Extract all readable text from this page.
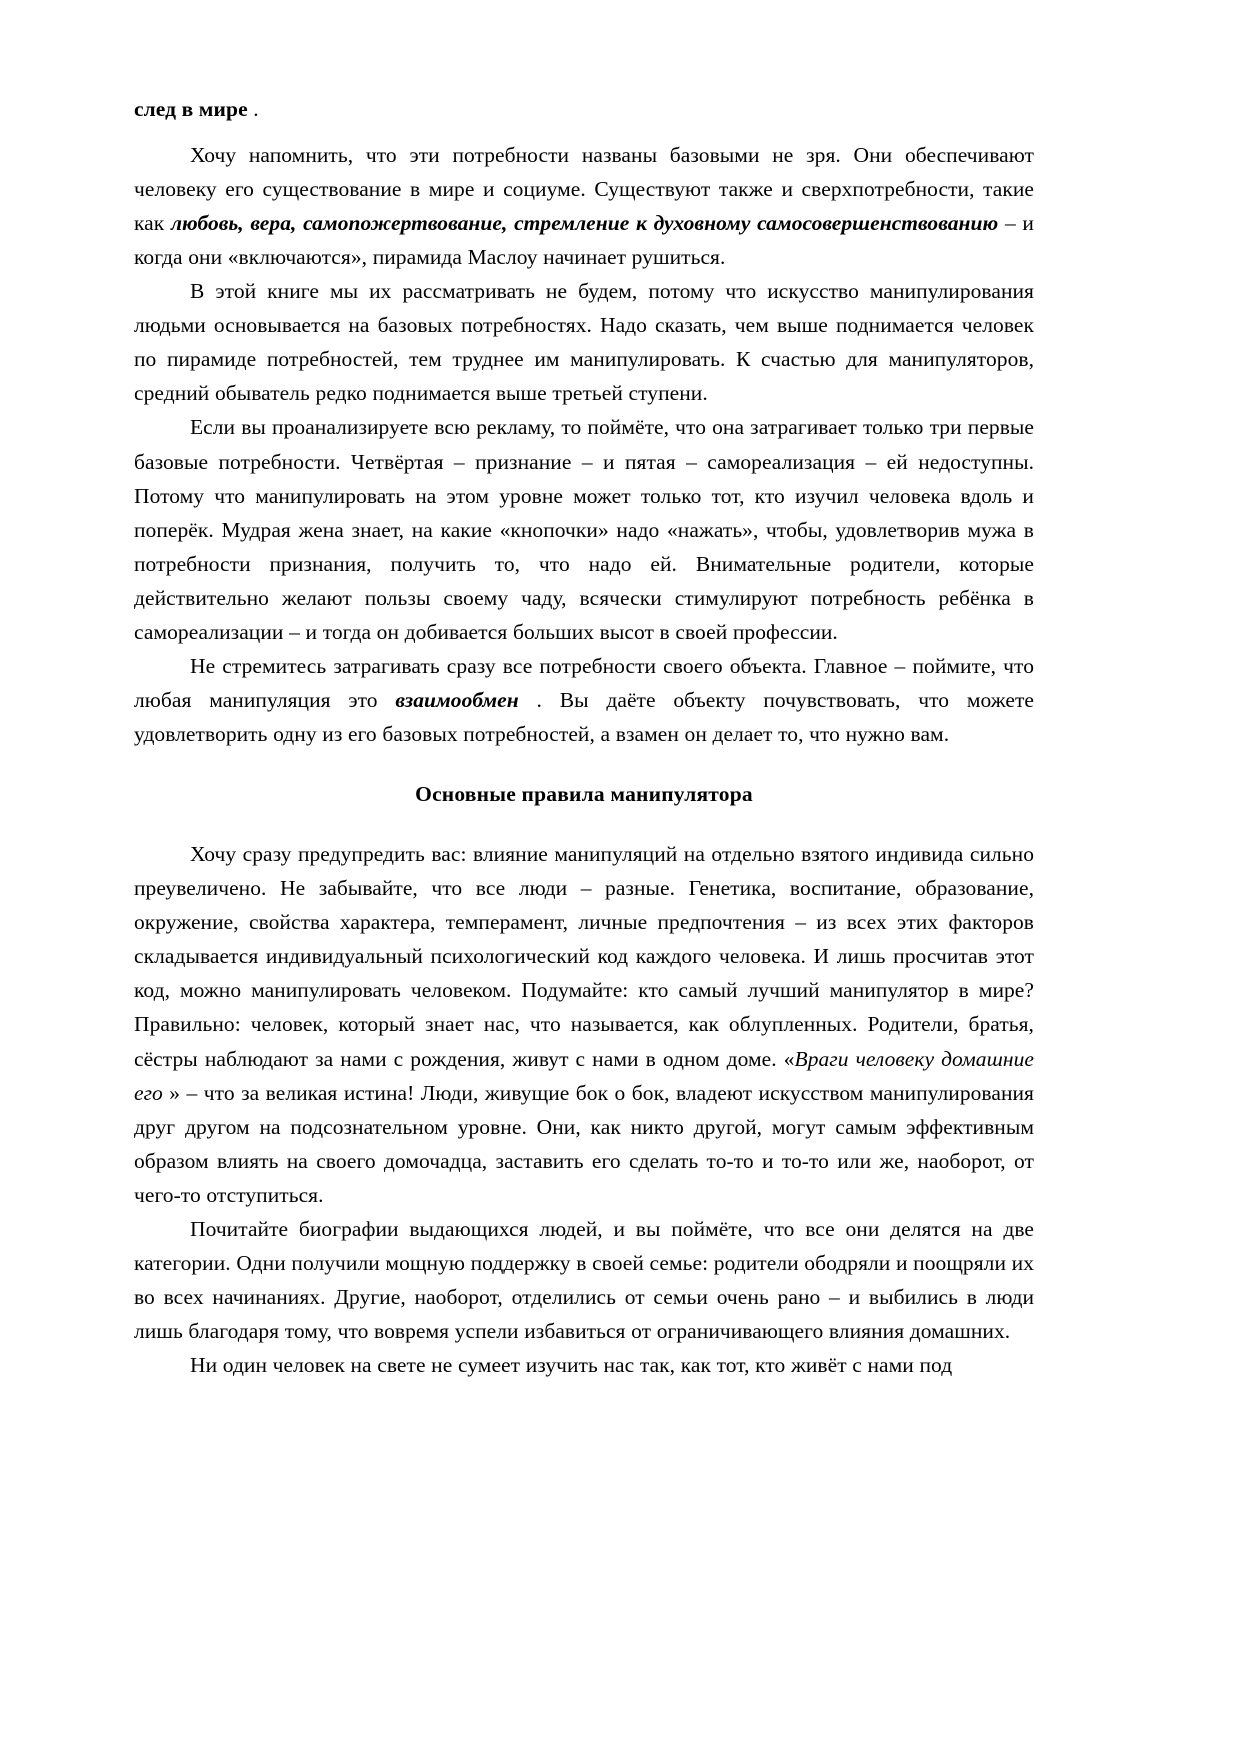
след в мире .

Хочу напомнить, что эти потребности названы базовыми не зря. Они обеспечивают человеку его существование в мире и социуме. Существуют также и сверхпотребности, такие как любовь, вера, самопожертвование, стремление к духовному самосовершенствованию – и когда они «включаются», пирамида Маслоу начинает рушиться.

В этой книге мы их рассматривать не будем, потому что искусство манипулирования людьми основывается на базовых потребностях. Надо сказать, чем выше поднимается человек по пирамиде потребностей, тем труднее им манипулировать. К счастью для манипуляторов, средний обыватель редко поднимается выше третьей ступени.

Если вы проанализируете всю рекламу, то поймёте, что она затрагивает только три первые базовые потребности. Четвёртая – признание – и пятая – самореализация – ей недоступны. Потому что манипулировать на этом уровне может только тот, кто изучил человека вдоль и поперёк. Мудрая жена знает, на какие «кнопочки» надо «нажать», чтобы, удовлетворив мужа в потребности признания, получить то, что надо ей. Внимательные родители, которые действительно желают пользы своему чаду, всячески стимулируют потребность ребёнка в самореализации – и тогда он добивается больших высот в своей профессии.

Не стремитесь затрагивать сразу все потребности своего объекта. Главное – поймите, что любая манипуляция это взаимообмен . Вы даёте объекту почувствовать, что можете удовлетворить одну из его базовых потребностей, а взамен он делает то, что нужно вам.

Основные правила манипулятора

Хочу сразу предупредить вас: влияние манипуляций на отдельно взятого индивида сильно преувеличено. Не забывайте, что все люди – разные. Генетика, воспитание, образование, окружение, свойства характера, темперамент, личные предпочтения – из всех этих факторов складывается индивидуальный психологический код каждого человека. И лишь просчитав этот код, можно манипулировать человеком. Подумайте: кто самый лучший манипулятор в мире? Правильно: человек, который знает нас, что называется, как облупленных. Родители, братья, сёстры наблюдают за нами с рождения, живут с нами в одном доме. «Враги человеку домашние его » – что за великая истина! Люди, живущие бок о бок, владеют искусством манипулирования друг другом на подсознательном уровне. Они, как никто другой, могут самым эффективным образом влиять на своего домочадца, заставить его сделать то-то и то-то или же, наоборот, от чего-то отступиться.

Почитайте биографии выдающихся людей, и вы поймёте, что все они делятся на две категории. Одни получили мощную поддержку в своей семье: родители ободряли и поощряли их во всех начинаниях. Другие, наоборот, отделились от семьи очень рано – и выбились в люди лишь благодаря тому, что вовремя успели избавиться от ограничивающего влияния домашних.

Ни один человек на свете не сумеет изучить нас так, как тот, кто живёт с нами под
